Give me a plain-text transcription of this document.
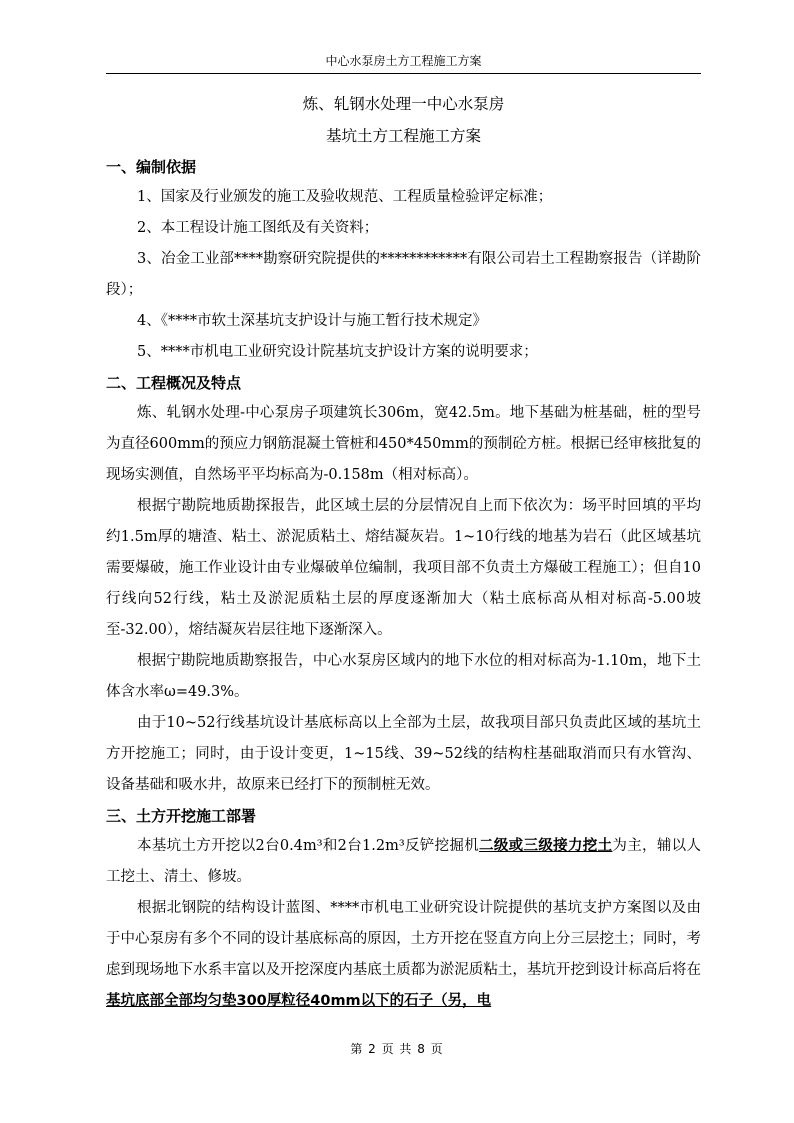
中心水泵房土方工程施工方案
炼、轧钢水处理一中心水泵房
基坑土方工程施工方案
一、编制依据
1、国家及行业颁发的施工及验收规范、工程质量检验评定标准；
2、本工程设计施工图纸及有关资料；
3、冶金工业部****勘察研究院提供的************有限公司岩土工程勘察报告（详勘阶段）；
4、《****市软土深基坑支护设计与施工暂行技术规定》
5、****市机电工业研究设计院基坑支护设计方案的说明要求；
二、工程概况及特点
炼、轧钢水处理-中心泵房子项建筑长306m，宽42.5m。地下基础为桩基础，桩的型号为直径600mm的预应力钢筋混凝土管桩和450*450mm的预制砼方桩。根据已经审核批复的现场实测值，自然场平平均标高为-0.158m（相对标高）。
根据宁勘院地质勘探报告，此区域土层的分层情况自上而下依次为：场平时回填的平均约1.5m厚的塘渣、粘土、淤泥质粘土、熔结凝灰岩。1~10行线的地基为岩石（此区域基坑需要爆破，施工作业设计由专业爆破单位编制，我项目部不负责土方爆破工程施工）；但自10行线向52行线，粘土及淤泥质粘土层的厚度逐渐加大（粘土底标高从相对标高-5.00坡至-32.00），熔结凝灰岩层往地下逐渐深入。
根据宁勘院地质勘察报告，中心水泵房区域内的地下水位的相对标高为-1.10m，地下土体含水率ω=49.3%。
由于10~52行线基坑设计基底标高以上全部为土层，故我项目部只负责此区域的基坑土方开挖施工；同时，由于设计变更，1~15线、39~52线的结构柱基础取消而只有水管沟、设备基础和吸水井，故原来已经打下的预制桩无效。
三、土方开挖施工部署
本基坑土方开挖以2台0.4m³和2台1.2m³反铲挖掘机二级或三级接力挖土为主，辅以人工挖土、清土、修坡。
根据北钢院的结构设计蓝图、****市机电工业研究设计院提供的基坑支护方案图以及由于中心泵房有多个不同的设计基底标高的原因，土方开挖在竖直方向上分三层挖土；同时，考虑到现场地下水系丰富以及开挖深度内基底土质都为淤泥质粘土，基坑开挖到设计标高后将在基坑底部全部均匀垫300厚粒径40mm以下的石子（另，电
第 2 页 共 8 页
